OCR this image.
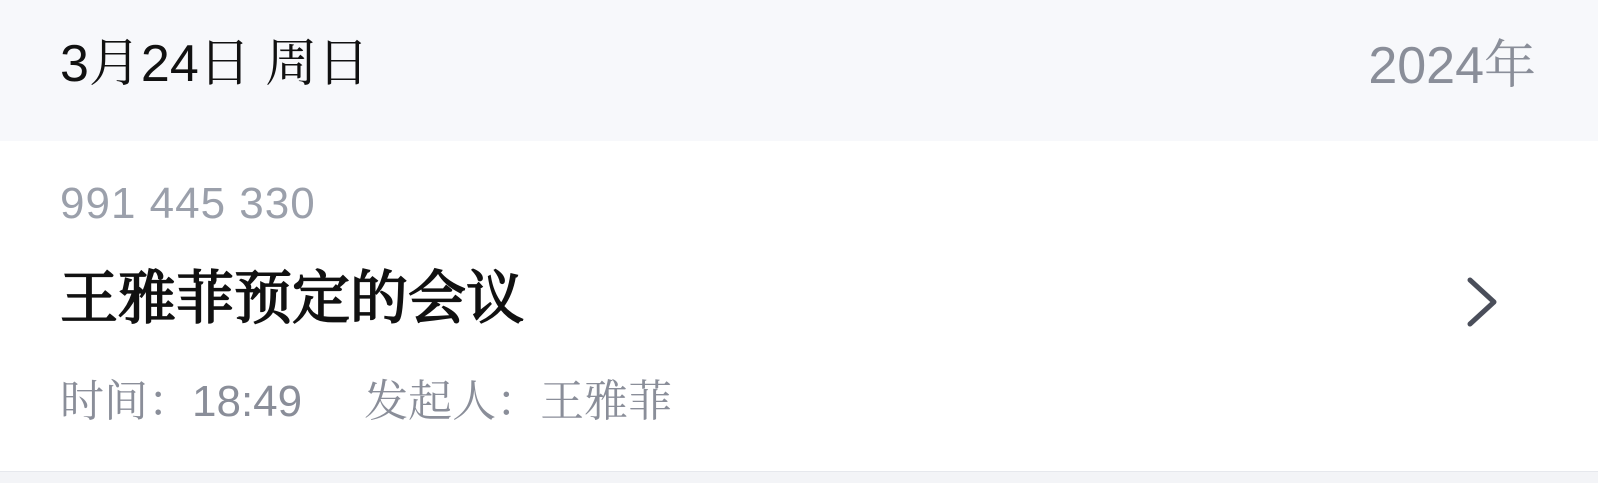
3月24日 周日	2024年
991 445 330
王雅菲预定的会议
时间：18:49 发起人：王雅菲
